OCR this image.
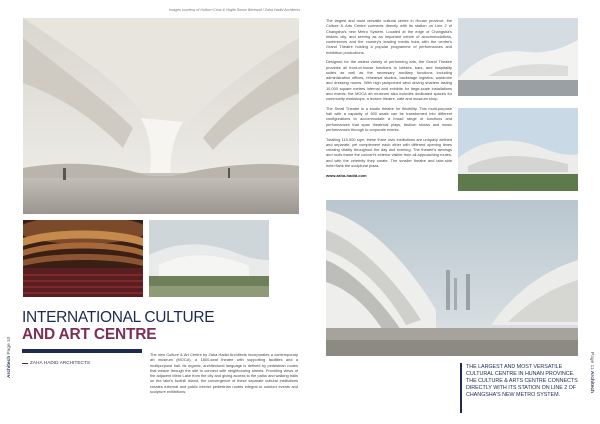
Images courtesy of Hufton+Crow & Virgile Simon Bertrand / Zaha Hadid Architects
INTERNATIONAL CULTURE
AND ART CENTRE
ZAHA HADID ARCHITECTS
The new Culture & Art Centre by Zaha Hadid Architects incorporates a contemporary art museum (MOCA), a 1800-seat theatre with supporting facilities and a multipurpose hall. Its organic, architectural language is defined by pedestrian routes that weave through the site to connect with neighbouring streets. Providing views of the adjacent Meixi Lake from the city and giving access to the parks and walking trails on the lake's foothill island, the convergence of these separate cultural institutions creates external and public interior pedestrian routes integral to outdoor events and sculpture exhibitions.
Architech Page 10

The largest and most versatile cultural centre in Hunan province, the Culture & Arts Centre connects directly with its station on Line 2 of Changsha's new Metro System. Located at the edge of Changsha's historic city, and serving as an important centre of accommodations, conferences and the country's leading media hubs with the centre's Grand Theatre hosting a popular programme of performances and exhibition productions.

Designed for the widest variety of performing arts, the Grand Theatre provides all front-of-house functions to lobbies, bars, and hospitality suites as well as the necessary ancillary functions including administration offices, rehearsal studios, backstage logistics, wardrobe and dressing rooms. With high jackpoined wind driving shaders lasting 10,000 square metres internal and exhibits for large-scale installations and events; the MOCA art museum also includes dedicated spaces for community workshops, a lecture theatre, café and museum shop.

The Small Theatre is a studio theatre for flexibility. This multi-purpose hall with a capacity of 500 seats can be transformed into different configurations to accommodate a broad range of functions and performances that span theatrical plays, fashion shows and music performances through to corporate events.

Totalling 115,000 sqm, these three civic institutions are uniquely defined and separate, yet complement each other with different opening times creating vitality throughout the day and evening. The theatre's awnings and roofs frame the concert's exterior visible from all approaching routes, and with the celebrity they create. The smaller theatre and lake-side hotel flank the sculptural plaza.

www.zaha-hadid.com
THE LARGEST AND MOST VERSATILE CULTURAL CENTRE IN HUNAN PROVINCE. THE CULTURE & ARTS CENTRE CONNECTS DIRECTLY WITH ITS STATION ON LINE 2 OF CHANGSHA'S NEW METRO SYSTEM.
Page 11 Architech
